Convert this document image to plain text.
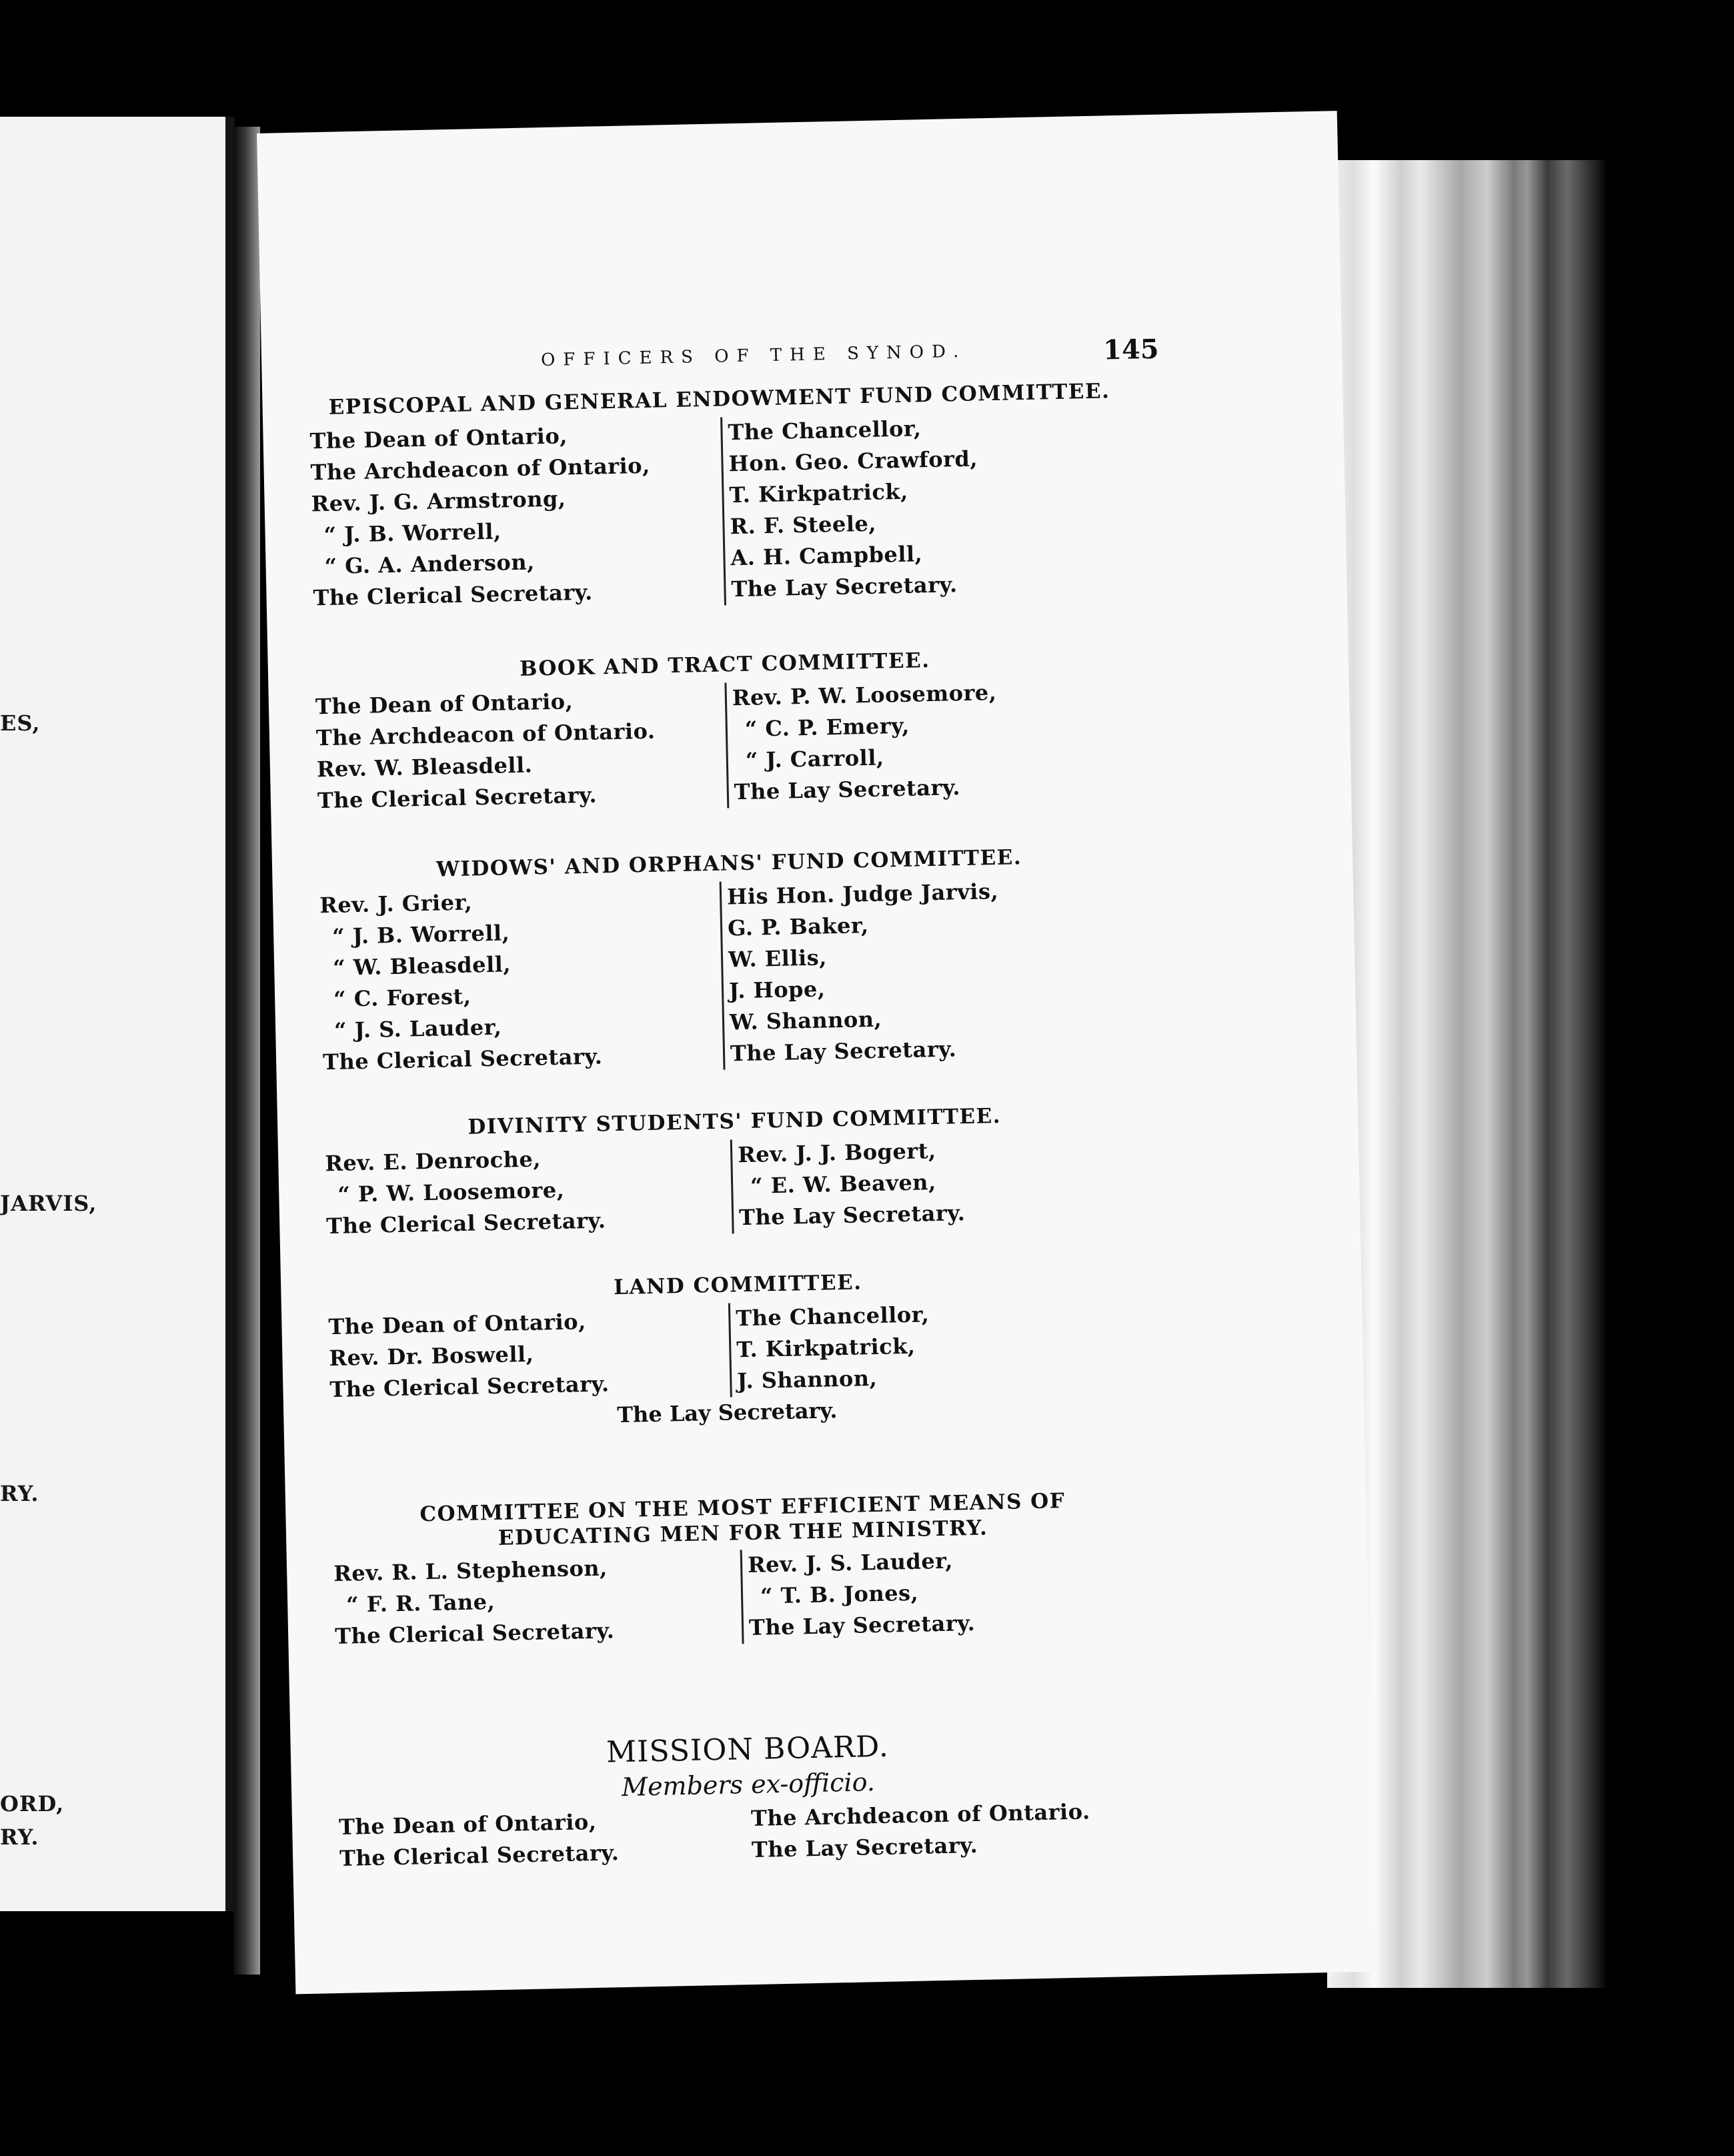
ES,
JARVIS,
RY.
ORD,
RY.
OFFICERS OF THE SYNOD.	145
EPISCOPAL AND GENERAL ENDOWMENT FUND COMMITTEE.
The Dean of Ontario,
The Archdeacon of Ontario,
Rev. J. G. Armstrong,
“ J. B. Worrell,
“ G. A. Anderson,
The Clerical Secretary.
The Chancellor,
Hon. Geo. Crawford,
T. Kirkpatrick,
R. F. Steele,
A. H. Campbell,
The Lay Secretary.
BOOK AND TRACT COMMITTEE.
The Dean of Ontario,
The Archdeacon of Ontario.
Rev. W. Bleasdell.
The Clerical Secretary.
Rev. P. W. Loosemore,
“ C. P. Emery,
“ J. Carroll,
The Lay Secretary.
WIDOWS' AND ORPHANS' FUND COMMITTEE.
Rev. J. Grier,
“ J. B. Worrell,
“ W. Bleasdell,
“ C. Forest,
“ J. S. Lauder,
The Clerical Secretary.
His Hon. Judge Jarvis,
G. P. Baker,
W. Ellis,
J. Hope,
W. Shannon,
The Lay Secretary.
DIVINITY STUDENTS' FUND COMMITTEE.
Rev. E. Denroche,
“ P. W. Loosemore,
The Clerical Secretary.
Rev. J. J. Bogert,
“ E. W. Beaven,
The Lay Secretary.
LAND COMMITTEE.
The Dean of Ontario,
Rev. Dr. Boswell,
The Clerical Secretary.
The Chancellor,
T. Kirkpatrick,
J. Shannon,
The Lay Secretary.
COMMITTEE ON THE MOST EFFICIENT MEANS OF EDUCATING MEN FOR THE MINISTRY.
Rev. R. L. Stephenson,
“ F. R. Tane,
The Clerical Secretary.
Rev. J. S. Lauder,
“ T. B. Jones,
The Lay Secretary.
MISSION BOARD.
Members ex-officio.
The Dean of Ontario,
The Clerical Secretary.
The Archdeacon of Ontario.
The Lay Secretary.
